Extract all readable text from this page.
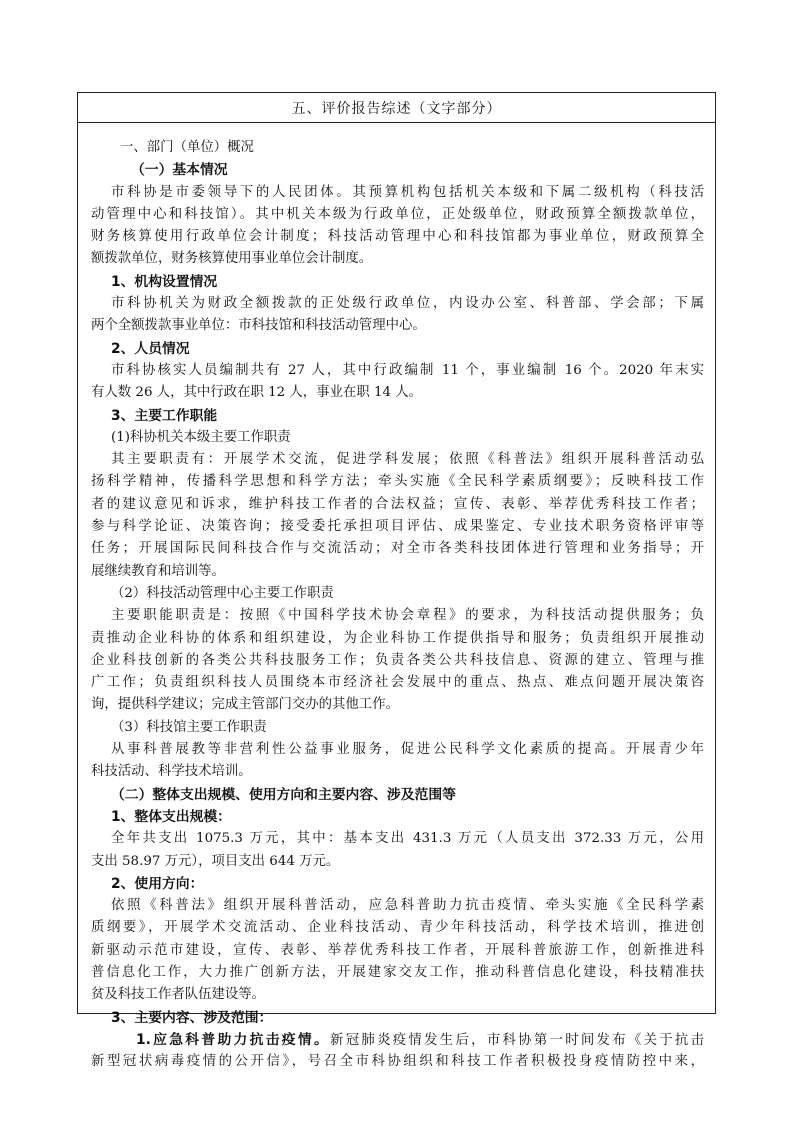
五、评价报告综述（文字部分）
一、部门（单位）概况
（一）基本情况
市科协是市委领导下的人民团体。其预算机构包括机关本级和下属二级机构（科技活
动管理中心和科技馆）。其中机关本级为行政单位，正处级单位，财政预算全额拨款单位，
财务核算使用行政单位会计制度；科技活动管理中心和科技馆都为事业单位，财政预算全
额拨款单位，财务核算使用事业单位会计制度。
1、机构设置情况
市科协机关为财政全额拨款的正处级行政单位，内设办公室、科普部、学会部；下属
两个全额拨款事业单位：市科技馆和科技活动管理中心。
2、人员情况
市科协核实人员编制共有 27 人，其中行政编制 11 个，事业编制 16 个。2020 年末实
有人数 26 人，其中行政在职 12 人，事业在职 14 人。
3、主要工作职能
(1)科协机关本级主要工作职责
其主要职责有：开展学术交流，促进学科发展；依照《科普法》组织开展科普活动弘
扬科学精神，传播科学思想和科学方法；牵头实施《全民科学素质纲要》；反映科技工作
者的建议意见和诉求，维护科技工作者的合法权益；宣传、表彰、举荐优秀科技工作者；
参与科学论证、决策咨询；接受委托承担项目评估、成果鉴定、专业技术职务资格评审等
任务；开展国际民间科技合作与交流活动；对全市各类科技团体进行管理和业务指导；开
展继续教育和培训等。
（2）科技活动管理中心主要工作职责
主要职能职责是：按照《中国科学技术协会章程》的要求，为科技活动提供服务；负
责推动企业科协的体系和组织建设，为企业科协工作提供指导和服务；负责组织开展推动
企业科技创新的各类公共科技服务工作；负责各类公共科技信息、资源的建立、管理与推
广工作；负责组织科技人员围绕本市经济社会发展中的重点、热点、难点问题开展决策咨
询，提供科学建议；完成主管部门交办的其他工作。
（3）科技馆主要工作职责
从事科普展教等非营利性公益事业服务，促进公民科学文化素质的提高。开展青少年
科技活动、科学技术培训。
（二）整体支出规模、使用方向和主要内容、涉及范围等
1、整体支出规模：
全年共支出 1075.3 万元，其中：基本支出 431.3 万元（人员支出 372.33 万元，公用
支出 58.97 万元），项目支出 644 万元。
2、使用方向：
依照《科普法》组织开展科普活动，应急科普助力抗击疫情、牵头实施《全民科学素
质纲要》，开展学术交流活动、企业科技活动、青少年科技活动，科学技术培训，推进创
新驱动示范市建设，宣传、表彰、举荐优秀科技工作者，开展科普旅游工作，创新推进科
普信息化工作，大力推广创新方法，开展建家交友工作，推动科普信息化建设，科技精准扶
贫及科技工作者队伍建设等。
3、主要内容、涉及范围：
1.应急科普助力抗击疫情。新冠肺炎疫情发生后，市科协第一时间发布《关于抗击
新型冠状病毒疫情的公开信》，号召全市科协组织和科技工作者积极投身疫情防控中来，
